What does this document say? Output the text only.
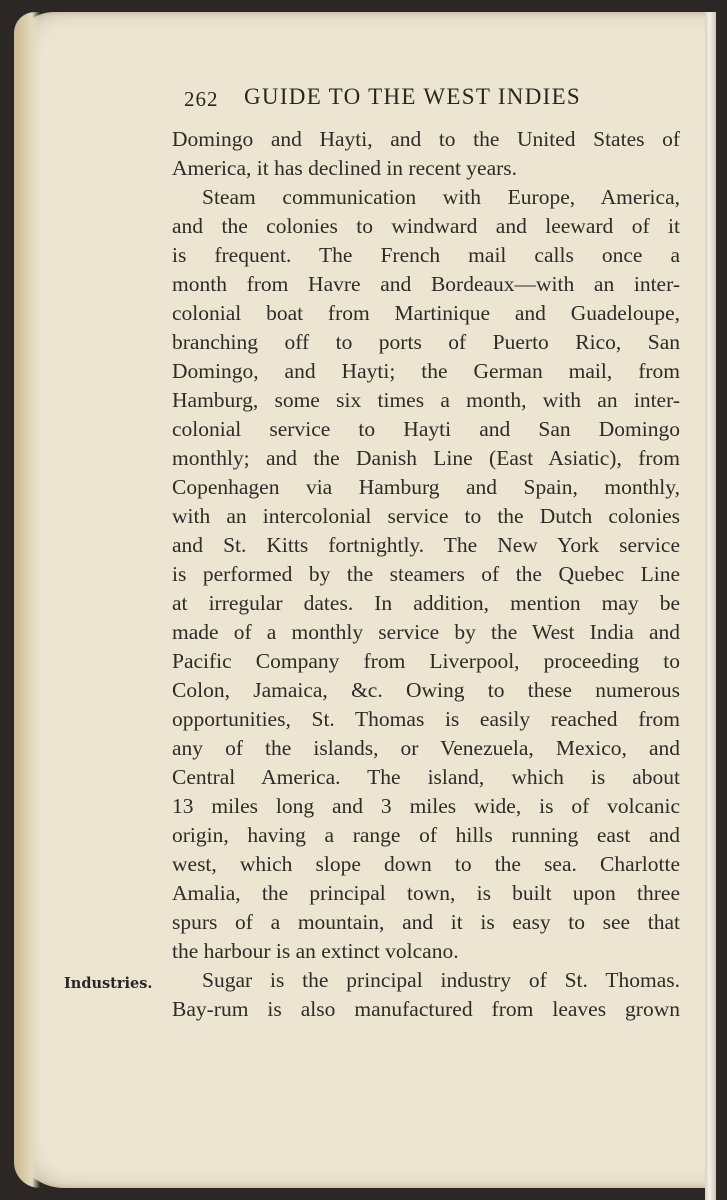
262 GUIDE TO THE WEST INDIES
Industries.
Domingo and Hayti, and to the United States of
America, it has declined in recent years.
Steam communication with Europe, America,
and the colonies to windward and leeward of it
is frequent. The French mail calls once a
month from Havre and Bordeaux—with an inter-
colonial boat from Martinique and Guadeloupe,
branching off to ports of Puerto Rico, San
Domingo, and Hayti; the German mail, from
Hamburg, some six times a month, with an inter-
colonial service to Hayti and San Domingo
monthly; and the Danish Line (East Asiatic), from
Copenhagen via Hamburg and Spain, monthly,
with an intercolonial service to the Dutch colonies
and St. Kitts fortnightly. The New York service
is performed by the steamers of the Quebec Line
at irregular dates. In addition, mention may be
made of a monthly service by the West India and
Pacific Company from Liverpool, proceeding to
Colon, Jamaica, &c. Owing to these numerous
opportunities, St. Thomas is easily reached from
any of the islands, or Venezuela, Mexico, and
Central America. The island, which is about
13 miles long and 3 miles wide, is of volcanic
origin, having a range of hills running east and
west, which slope down to the sea. Charlotte
Amalia, the principal town, is built upon three
spurs of a mountain, and it is easy to see that
the harbour is an extinct volcano.
Sugar is the principal industry of St. Thomas.
Bay-rum is also manufactured from leaves grown
